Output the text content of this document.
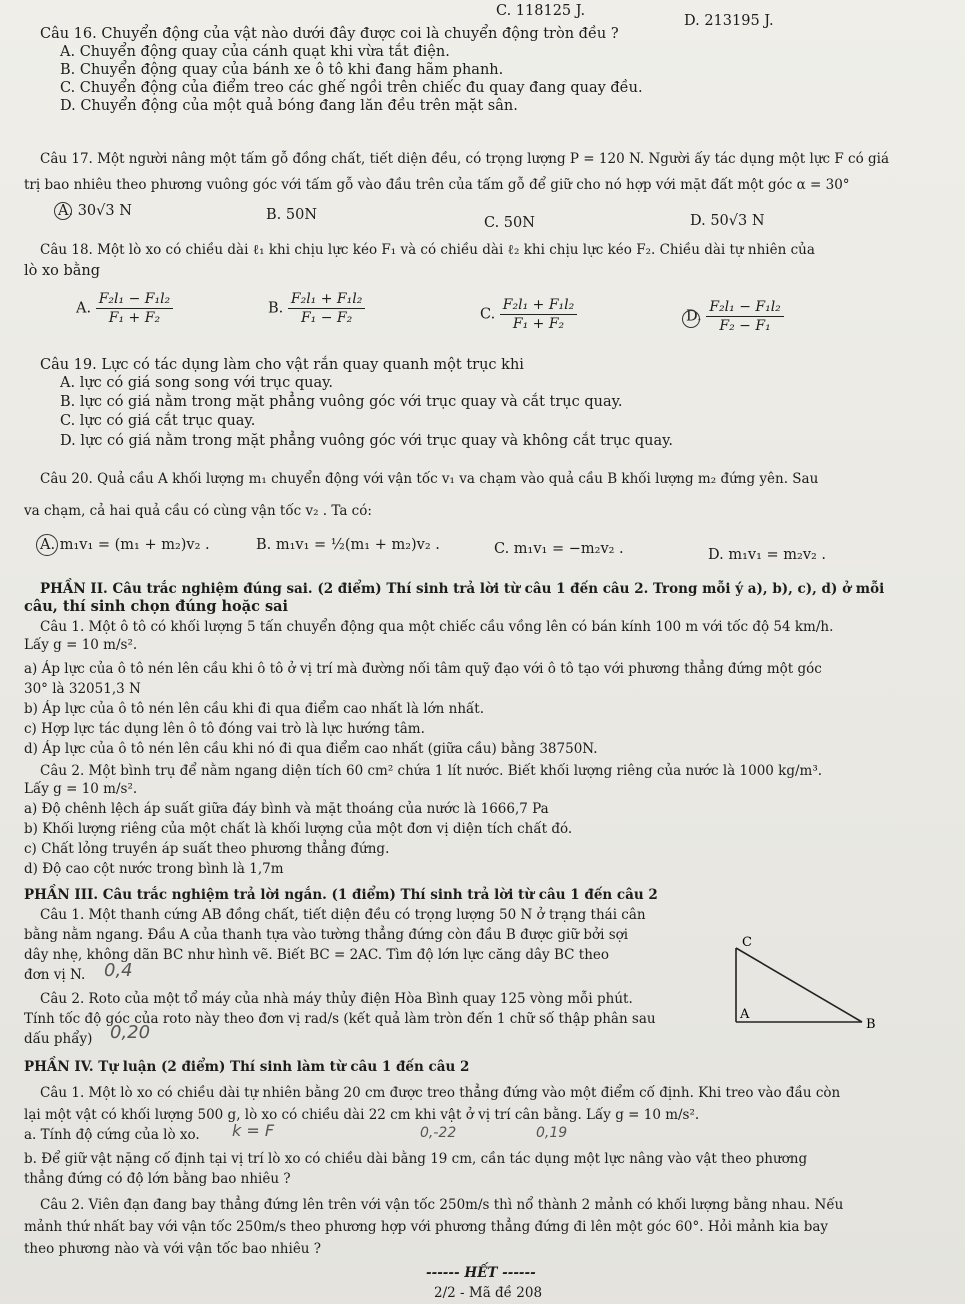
C. 118125 J.
D. 213195 J.
Câu 16. Chuyển động của vật nào dưới đây được coi là chuyển động tròn đều ?
A. Chuyển động quay của cánh quạt khi vừa tắt điện.
B. Chuyển động quay của bánh xe ô tô khi đang hãm phanh.
C. Chuyển động của điểm treo các ghế ngồi trên chiếc đu quay đang quay đều.
D. Chuyển động của một quả bóng đang lăn đều trên mặt sân.
Câu 17. Một người nâng một tấm gỗ đồng chất, tiết diện đều, có trọng lượng P = 120 N. Người ấy tác dụng một lực F có giá
trị bao nhiêu theo phương vuông góc với tấm gỗ vào đầu trên của tấm gỗ để giữ cho nó hợp với mặt đất một góc α = 30°
A. 30√3 N	B. 50N	C. 50N	D. 50√3 N
Câu 18. Một lò xo có chiều dài ℓ₁ khi chịu lực kéo F₁ và có chiều dài ℓ₂ khi chịu lực kéo F₂. Chiều dài tự nhiên của
lò xo bằng
A. $\frac{\text{F₂l₁ − F₁l₂}}{\text{F₁ + F₂}}$	B. $\frac{\text{F₂l₁ + F₁l₂}}{\text{F₁ − F₂}}$	C. $\frac{\text{F₂l₁ + F₁l₂}}{\text{F₁ + F₂}}$	D. $\frac{\text{F₂l₁ − F₁l₂}}{\text{F₂ − F₁}}$
Câu 19. Lực có tác dụng làm cho vật rắn quay quanh một trục khi
A. lực có giá song song với trục quay.
B. lực có giá nằm trong mặt phẳng vuông góc với trục quay và cắt trục quay.
C. lực có giá cắt trục quay.
D. lực có giá nằm trong mặt phẳng vuông góc với trục quay và không cắt trục quay.
Câu 20. Quả cầu A khối lượng m₁ chuyển động với vận tốc v₁ va chạm vào quả cầu B khối lượng m₂ đứng yên. Sau
va chạm, cả hai quả cầu có cùng vận tốc v₂ . Ta có:
A. m₁v₁ = (m₁ + m₂)v₂ .	B. m₁v₁ = ½(m₁ + m₂)v₂ .	C. m₁v₁ = −m₂v₂ .	D. m₁v₁ = m₂v₂ .
PHẦN II. Câu trắc nghiệm đúng sai. (2 điểm) Thí sinh trả lời từ câu 1 đến câu 2. Trong mỗi ý a), b), c), d) ở mỗi
câu, thí sinh chọn đúng hoặc sai
Câu 1. Một ô tô có khối lượng 5 tấn chuyển động qua một chiếc cầu vồng lên có bán kính 100 m với tốc độ 54 km/h.
Lấy g = 10 m/s².
a) Áp lực của ô tô nén lên cầu khi ô tô ở vị trí mà đường nối tâm quỹ đạo với ô tô tạo với phương thẳng đứng một góc
30° là 32051,3 N
b) Áp lực của ô tô nén lên cầu khi đi qua điểm cao nhất là lớn nhất.
c) Hợp lực tác dụng lên ô tô đóng vai trò là lực hướng tâm.
d) Áp lực của ô tô nén lên cầu khi nó đi qua điểm cao nhất (giữa cầu) bằng 38750N.
Câu 2. Một bình trụ để nằm ngang diện tích 60 cm² chứa 1 lít nước. Biết khối lượng riêng của nước là 1000 kg/m³.
Lấy g = 10 m/s².
a) Độ chênh lệch áp suất giữa đáy bình và mặt thoáng của nước là 1666,7 Pa
b) Khối lượng riêng của một chất là khối lượng của một đơn vị diện tích chất đó.
c) Chất lỏng truyền áp suất theo phương thẳng đứng.
d) Độ cao cột nước trong bình là 1,7m
PHẦN III. Câu trắc nghiệm trả lời ngắn. (1 điểm) Thí sinh trả lời từ câu 1 đến câu 2
Câu 1. Một thanh cứng AB đồng chất, tiết diện đều có trọng lượng 50 N ở trạng thái cân
bằng nằm ngang. Đầu A của thanh tựa vào tường thẳng đứng còn đầu B được giữ bởi sợi
dây nhẹ, không dãn BC như hình vẽ. Biết BC = 2AC. Tìm độ lớn lực căng dây BC theo
đơn vị N. 0,4
Câu 2. Roto của một tổ máy của nhà máy thủy điện Hòa Bình quay 125 vòng mỗi phút.
Tính tốc độ góc của roto này theo đơn vị rad/s (kết quả làm tròn đến 1 chữ số thập phân sau
dấu phẩy) 0,20
C
A
B
PHẦN IV. Tự luận (2 điểm) Thí sinh làm từ câu 1 đến câu 2
Câu 1. Một lò xo có chiều dài tự nhiên bằng 20 cm được treo thẳng đứng vào một điểm cố định. Khi treo vào đầu còn
lại một vật có khối lượng 500 g, lò xo có chiều dài 22 cm khi vật ở vị trí cân bằng. Lấy g = 10 m/s².
a. Tính độ cứng của lò xo. k = F	0,-22	0,19
b. Để giữ vật nặng cố định tại vị trí lò xo có chiều dài bằng 19 cm, cần tác dụng một lực nâng vào vật theo phương
thẳng đứng có độ lớn bằng bao nhiêu ?
Câu 2. Viên đạn đang bay thẳng đứng lên trên với vận tốc 250m/s thì nổ thành 2 mảnh có khối lượng bằng nhau. Nếu
mảnh thứ nhất bay với vận tốc 250m/s theo phương hợp với phương thẳng đứng đi lên một góc 60°. Hỏi mảnh kia bay
theo phương nào và với vận tốc bao nhiêu ?
------ HẾT ------
2/2 - Mã đề 208
